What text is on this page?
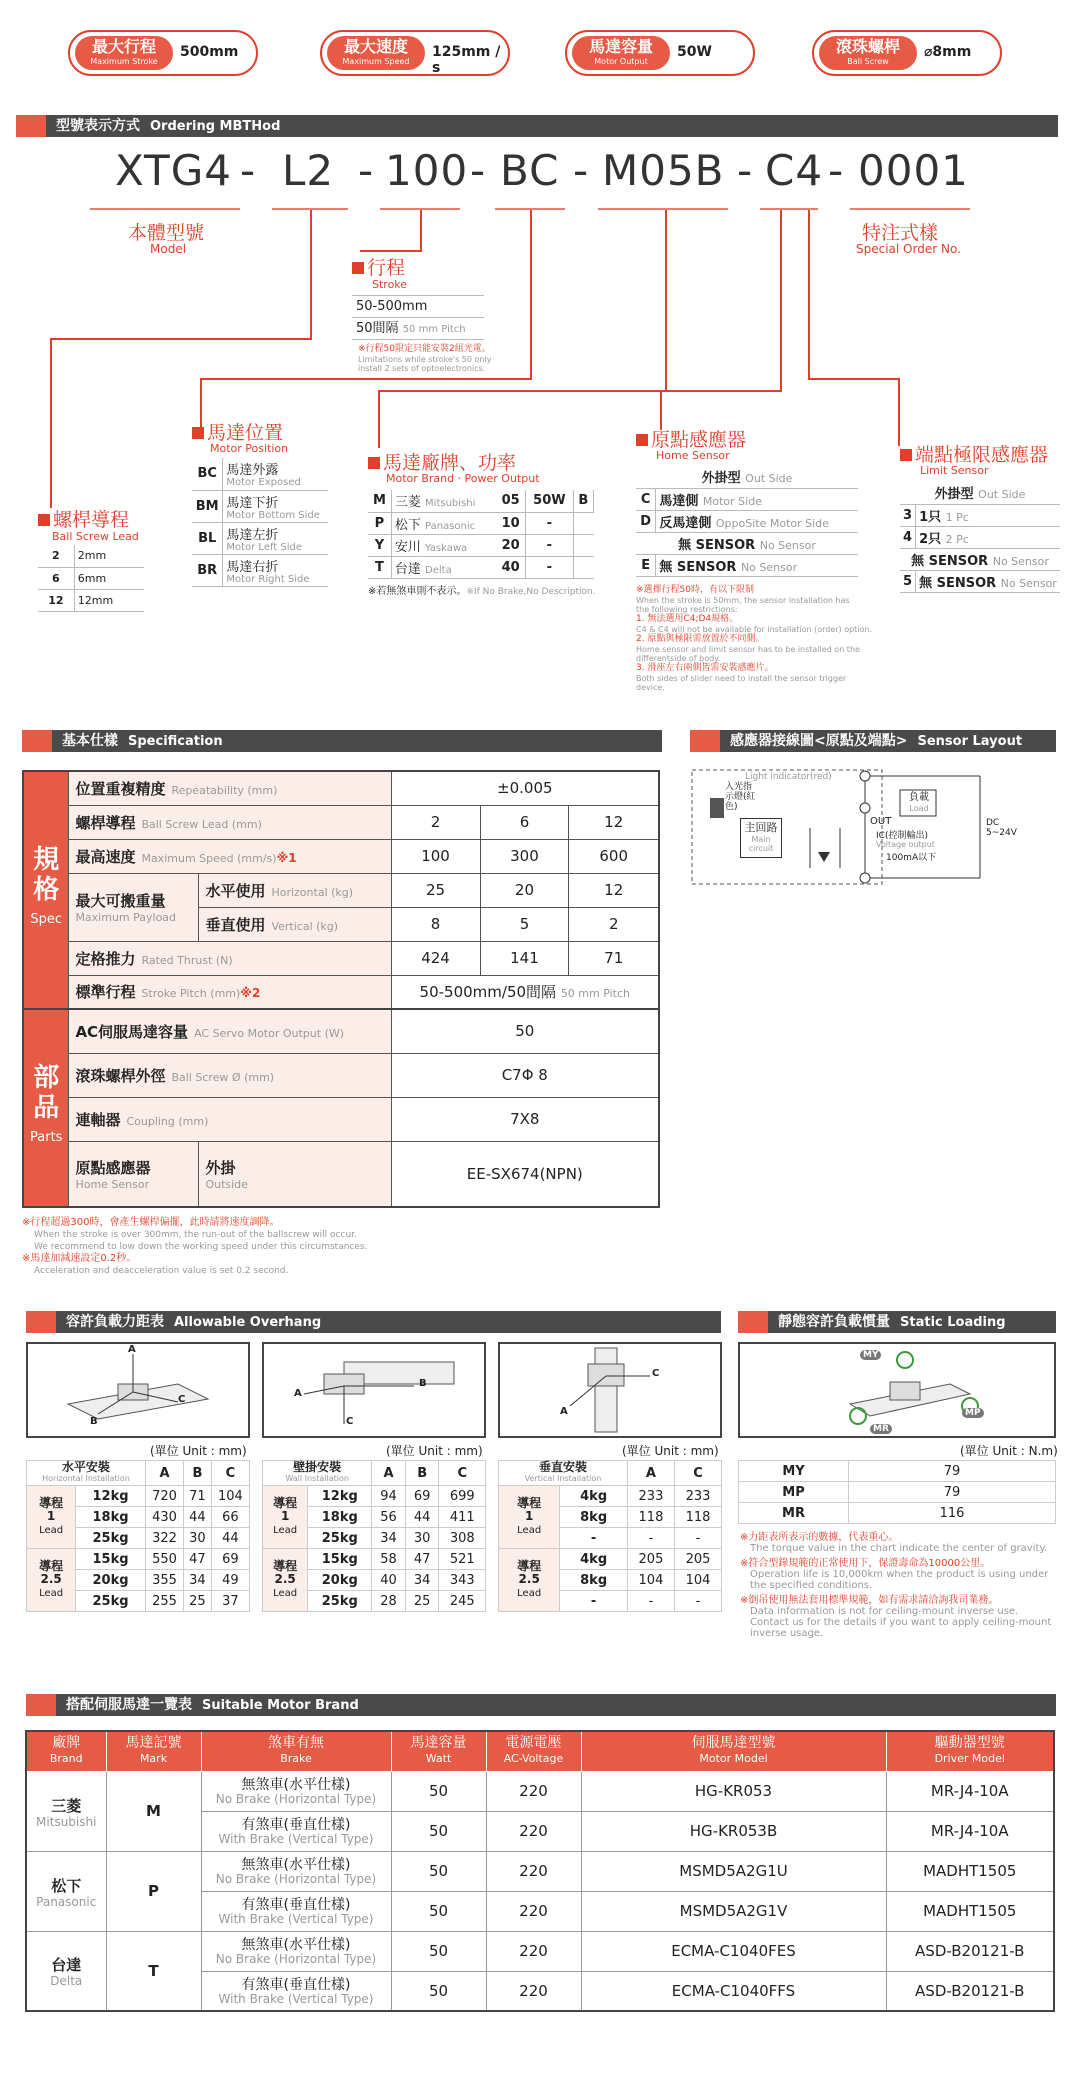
最大行程
Maximum Stroke
500mm	最大速度
Maximum Speed
125mm / s
馬達容量
Motor Output
50W	滾珠螺桿
Ball Screw
⌀8mm
型號表示方式 Ordering MBTHod
XTG4 - L2 - 100 - BC - M05B - C4 - 0001
本體型號
Model
特注式樣
Special Order No.
行程
Stroke
50-500mm
50間隔 50 mm Pitch
※行程50限定只能安裝2組光電。
Limitations while stroke's 50 only
install 2 sets of optoelectronics.
螺桿導程
Ball Screw Lead
2	2mm
6	6mm
12	12mm
馬達位置
Motor Position
BC	馬達外露
Motor Exposed

BM	馬達下折
Motor Bottom Side

BL	馬達左折
Motor Left Side

BR	馬達右折
Motor Right Side
馬達廠牌、功率
Motor Brand · Power Output
M	三菱 Mitsubishi	05	50W	B
P	松下 Panasonic	10	-	
Y	安川 Yaskawa	20	-	
T	台達 Delta	40	-	
※若無煞車則不表示。※If No Brake,No Description.
原點感應器
Home Sensor
外掛型 Out Side	
C	馬達側 Motor Side
D	反馬達側 OppoSite Motor Side
無 SENSOR No Sensor	
E	無 SENSOR No Sensor
※選擇行程50時，有以下限制
When the stroke is 50mm, the sensor installation has
the following restrictions:
1. 無法選用C4;D4規格。
C4 & C4 will not be available for installation (order) option.
2. 原點與極限需放置於不同側。
Home sensor and limit sensor has to be installed on the
differentside of body.
3. 滑座左右兩側皆需安裝感應片。
Both sides of slider need to install the sensor trigger device.
端點極限感應器
Limit Sensor
外掛型 Out Side	
3	1只 1 Pc
4	2只 2 Pc
無 SENSOR No Sensor	
5	無 SENSOR No Sensor
基本仕樣 Specification
規格
Spec	位置重複精度 Repeatability (mm)		±0.005		
	螺桿導程 Ball Screw Lead (mm)		2	6	12
	最高速度 Maximum Speed (mm/s)※1		100	300	600
	最大可搬重量
Maximum Payload	水平使用 Horizontal (kg)	25	20	12
		垂直使用 Vertical (kg)	8	5	2
	定格推力 Rated Thrust (N)		424	141	71
	標準行程 Stroke Pitch (mm)※2		50-500mm/50間隔 50 mm Pitch		

部品
Parts	AC伺服馬達容量 AC Servo Motor Output (W)		50		
	滾珠螺桿外徑 Ball Screw Ø (mm)		C7Φ 8		
	連軸器 Coupling (mm)		7X8		
	原點感應器
Home Sensor	外掛
Outside	EE-SX674(NPN)		
※行程超過300時，會產生螺桿偏擺，此時請將速度調降。
When the stroke is over 300mm, the run-out of the ballscrew will occur.
We recommend to low down the working speed under this circumstances.
※馬達加減速設定0.2秒。
Acceleration and deacceleration value is set 0.2 second.
感應器接線圖<原點及端點> Sensor Layout
Light indicator(red)
入光指示燈(紅色)
主回路
Main circuit
負載
Load
OUT
IC(控制輸出)
Voltage output
100mA以下
DC 5~24V
容許負載力距表 Allowable Overhang	靜態容許負載慣量 Static Loading
A
C
B
A
B
C
A
C
MY
MP
MR
(單位 Unit : mm)	(單位 Unit : mm)	(單位 Unit : mm)	(單位 Unit : N.m)
水平安裝
Horizontal Installation		A	B	C
導程
1
Lead	12kg	720	71	104
	18kg	430	44	66
	25kg	322	30	44
導程
2.5
Lead	15kg	550	47	69
	20kg	355	34	49
	25kg	255	25	37
壁掛安裝
Wall Installation		A	B	C
導程
1
Lead	12kg	94	69	699
	18kg	56	44	411
	25kg	34	30	308
導程
2.5
Lead	15kg	58	47	521
	20kg	40	34	343
	25kg	28	25	245
垂直安裝
Vertical Installation		A	C
導程
1
Lead	4kg	233	233
	8kg	118	118
	-	-	-
導程
2.5
Lead	4kg	205	205
	8kg	104	104
	-	-	-
MY	79
MP	79
MR	116
※力距表所表示的數據，代表重心。
The torque value in the chart indicate the center of gravity.
※符合型錄規範的正常使用下，保證壽命為10000公里。
Operation life is 10,000km when the product is using under the specified conditions.
※倒吊使用無法套用標準規範，如有需求請洽詢我司業務。
Data information is not for ceiling-mount inverse use. Contact us for the details if you want to apply ceiling-mount inverse usage.
搭配伺服馬達一覽表 Suitable Motor Brand
廠牌
Brand	馬達記號
Mark	煞車有無
Brake	馬達容量
Watt	電源電壓
AC-Voltage	伺服馬達型號
Motor Model	驅動器型號
Driver Model

三菱
Mitsubishi	M	無煞車(水平仕樣)
No Brake (Horizontal Type)	50	220	HG-KR053	MR-J4-10A
		有煞車(垂直仕樣)
With Brake (Vertical Type)	50	220	HG-KR053B	MR-J4-10A
松下
Panasonic	P	無煞車(水平仕樣)
No Brake (Horizontal Type)	50	220	MSMD5A2G1U	MADHT1505
		有煞車(垂直仕樣)
With Brake (Vertical Type)	50	220	MSMD5A2G1V	MADHT1505
台達
Delta	T	無煞車(水平仕樣)
No Brake (Horizontal Type)	50	220	ECMA-C1040FES	ASD-B20121-B
		有煞車(垂直仕樣)
With Brake (Vertical Type)	50	220	ECMA-C1040FFS	ASD-B20121-B
